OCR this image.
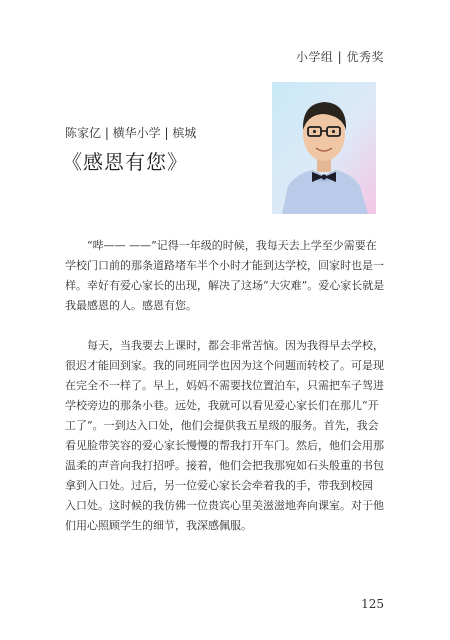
小学组 | 优秀奖
陈家亿 | 横华小学 | 槟城
《感恩有您》
　　“哔—— ——”记得一年级的时候，我每天去上学至少需要在
学校门口前的那条道路堵车半个小时才能到达学校，回家时也是一
样。幸好有爱心家长的出现，解决了这场“大灾难”。爱心家长就是
我最感恩的人。感恩有您。
　　每天，当我要去上课时，都会非常苦恼。因为我得早去学校，
很迟才能回到家。我的同班同学也因为这个问题而转校了。可是现
在完全不一样了。早上，妈妈不需要找位置泊车，只需把车子驾进
学校旁边的那条小巷。远处，我就可以看见爱心家长们在那儿“开
工了”。一到达入口处，他们会提供我五星级的服务。首先，我会
看见脸带笑容的爱心家长慢慢的帮我打开车门。然后，他们会用那
温柔的声音向我打招呼。接着，他们会把我那宛如石头般重的书包
拿到入口处。过后，另一位爱心家长会牵着我的手，带我到校园
入口处。这时候的我仿佛一位贵宾心里美滋滋地奔向课室。对于他
们用心照顾学生的细节，我深感佩服。
125
